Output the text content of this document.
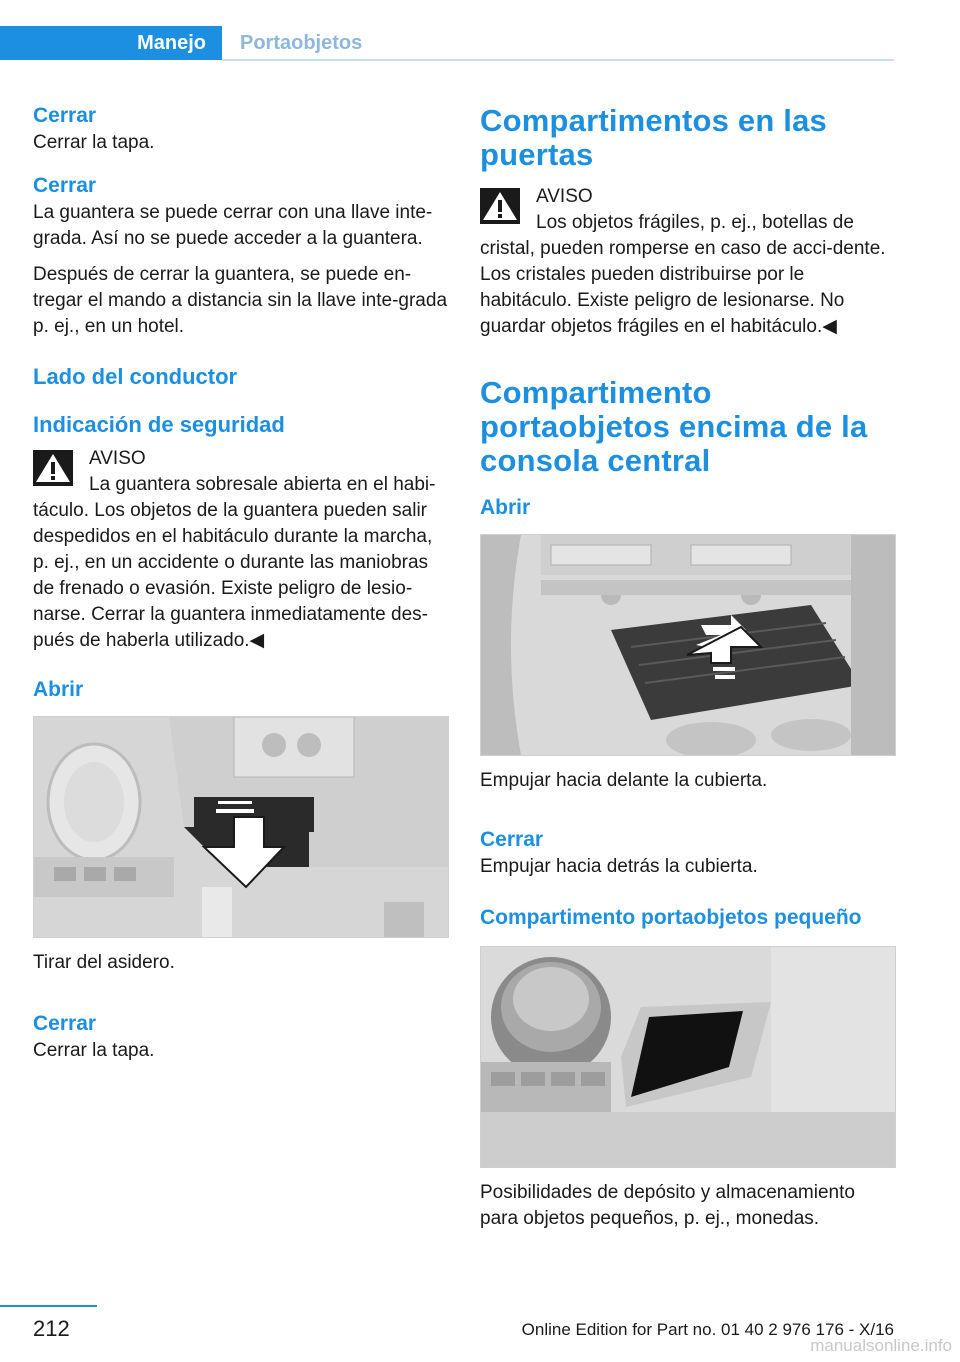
Manejo	Portaobjetos
Cerrar

Cerrar la tapa.

Cerrar

La guantera se puede cerrar con una llave inte‐grada. Así no se puede acceder a la guantera.

Después de cerrar la guantera, se puede en‐tregar el mando a distancia sin la llave inte‐grada p. ej., en un hotel.

Lado del conductor
Indicación de seguridad

AVISO

La guantera sobresale abierta en el habi‐

táculo. Los objetos de la guantera pueden salir despedidos en el habitáculo durante la marcha, p. ej., en un accidente o durante las maniobras de frenado o evasión. Existe peligro de lesio‐narse. Cerrar la guantera inmediatamente des‐pués de haberla utilizado.◀

Abrir

Tirar del asidero.

Cerrar

Cerrar la tapa.

Compartimentos en las puertas

AVISO

Los objetos frágiles, p. ej., botellas de

cristal, pueden romperse en caso de acci‐dente. Los cristales pueden distribuirse por le habitáculo. Existe peligro de lesionarse. No guardar objetos frágiles en el habitáculo.◀

Compartimento portaobjetos encima de la consola central
Abrir

Empujar hacia delante la cubierta.

Cerrar

Empujar hacia detrás la cubierta.

Compartimento portaobjetos pequeño

Posibilidades de depósito y almacenamiento para objetos pequeños, p. ej., monedas.

212	Online Edition for Part no. 01 40 2 976 176 - X/16
manualsonline.info
